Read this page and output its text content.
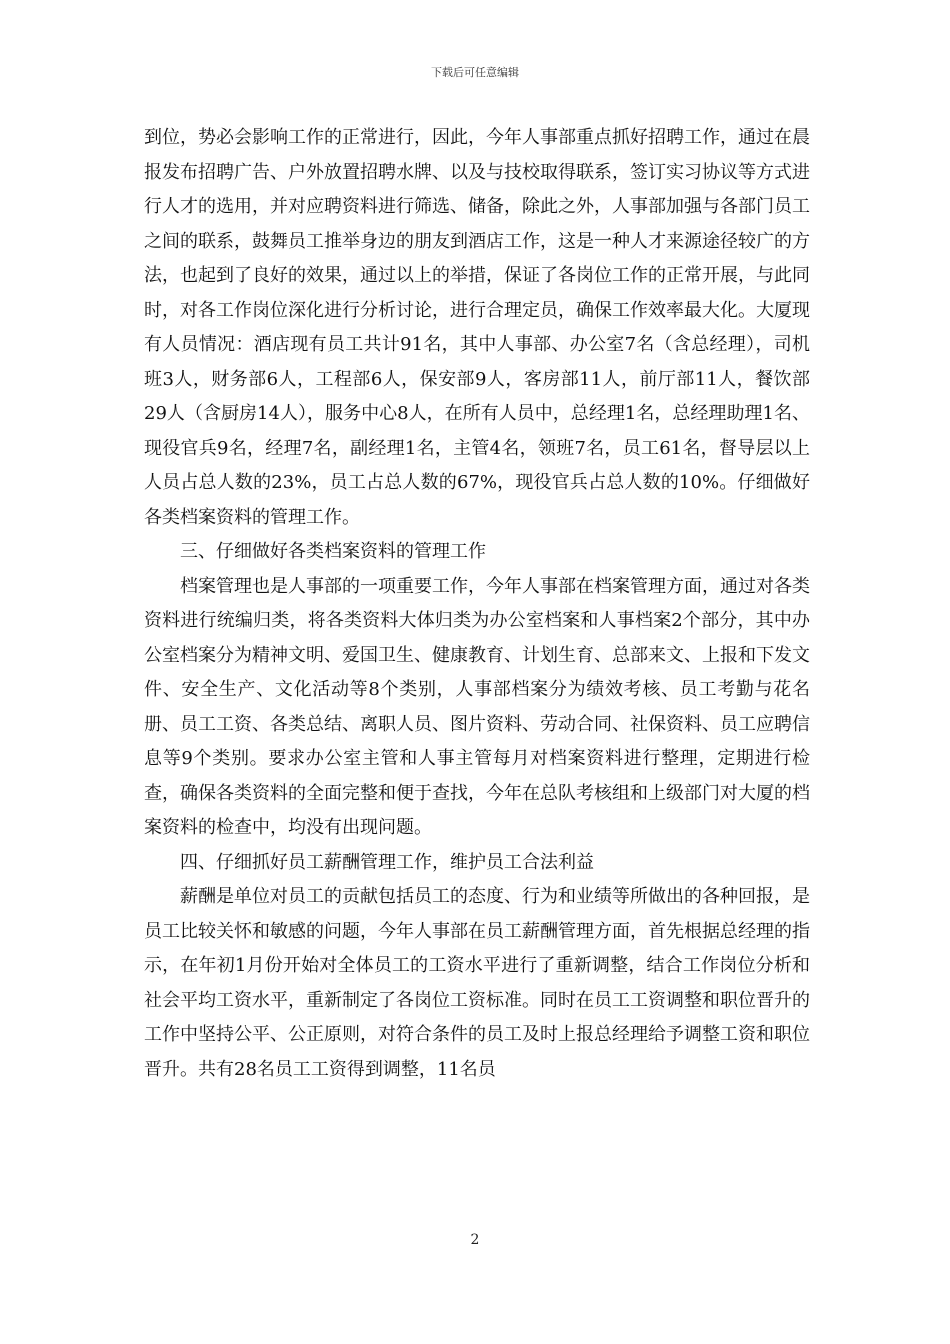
下载后可任意编辑

到位，势必会影响工作的正常进行，因此，今年人事部重点抓好招聘工作，通过在晨报发布招聘广告、户外放置招聘水牌、以及与技校取得联系，签订实习协议等方式进行人才的选用，并对应聘资料进行筛选、储备，除此之外，人事部加强与各部门员工之间的联系，鼓舞员工推举身边的朋友到酒店工作，这是一种人才来源途径较广的方法，也起到了良好的效果，通过以上的举措，保证了各岗位工作的正常开展，与此同时，对各工作岗位深化进行分析讨论，进行合理定员，确保工作效率最大化。大厦现有人员情况：酒店现有员工共计91名，其中人事部、办公室7名（含总经理），司机班3人，财务部6人，工程部6人，保安部9人，客房部11人，前厅部11人，餐饮部29人（含厨房14人），服务中心8人，在所有人员中，总经理1名，总经理助理1名、现役官兵9名，经理7名，副经理1名，主管4名，领班7名，员工61名，督导层以上人员占总人数的23%，员工占总人数的67%，现役官兵占总人数的10%。仔细做好各类档案资料的管理工作。

三、仔细做好各类档案资料的管理工作

档案管理也是人事部的一项重要工作，今年人事部在档案管理方面，通过对各类资料进行统编归类，将各类资料大体归类为办公室档案和人事档案2个部分，其中办公室档案分为精神文明、爱国卫生、健康教育、计划生育、总部来文、上报和下发文件、安全生产、文化活动等8个类别，人事部档案分为绩效考核、员工考勤与花名册、员工工资、各类总结、离职人员、图片资料、劳动合同、社保资料、员工应聘信息等9个类别。要求办公室主管和人事主管每月对档案资料进行整理，定期进行检查，确保各类资料的全面完整和便于查找，今年在总队考核组和上级部门对大厦的档案资料的检查中，均没有出现问题。

四、仔细抓好员工薪酬管理工作，维护员工合法利益

薪酬是单位对员工的贡献包括员工的态度、行为和业绩等所做出的各种回报，是员工比较关怀和敏感的问题，今年人事部在员工薪酬管理方面，首先根据总经理的指示，在年初1月份开始对全体员工的工资水平进行了重新调整，结合工作岗位分析和社会平均工资水平，重新制定了各岗位工资标准。同时在员工工资调整和职位晋升的工作中坚持公平、公正原则，对符合条件的员工及时上报总经理给予调整工资和职位晋升。共有28名员工工资得到调整，11名员

2
